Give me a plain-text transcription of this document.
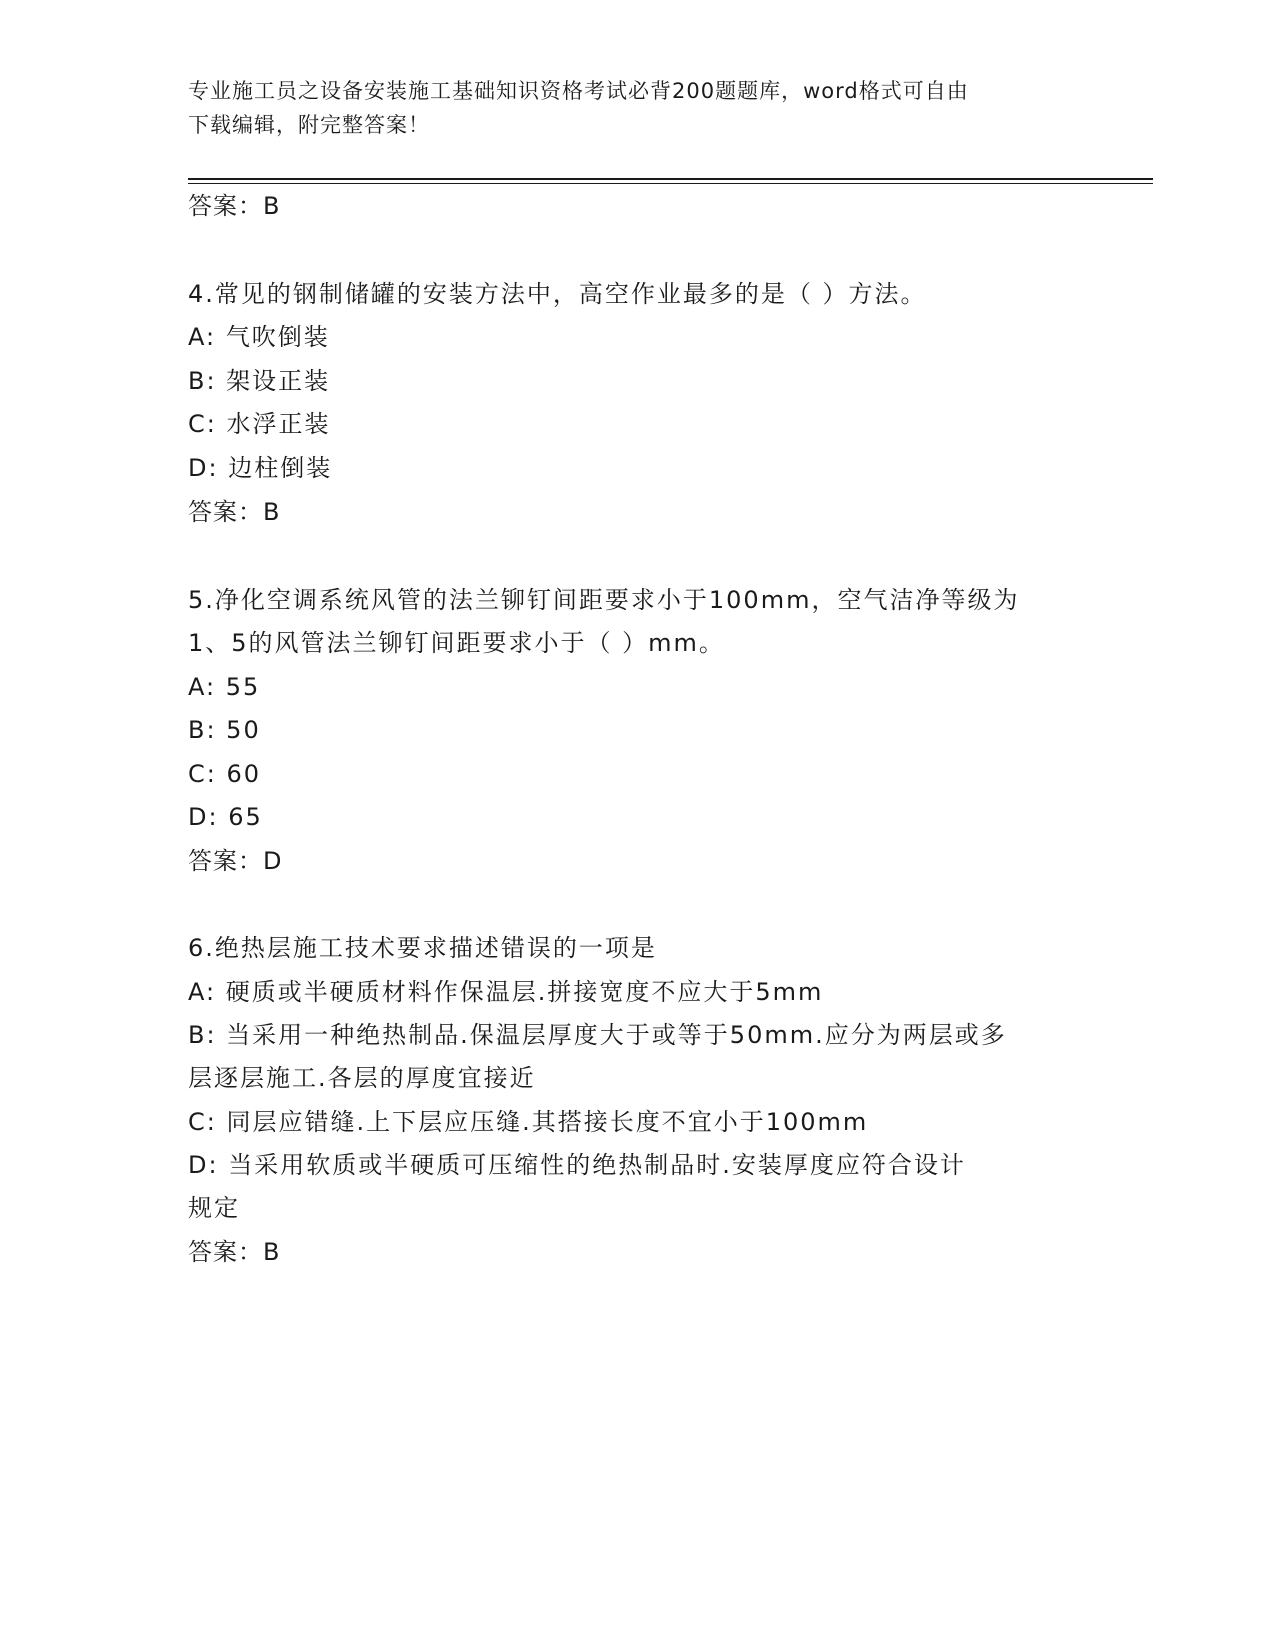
专业施工员之设备安装施工基础知识资格考试必背200题题库，word格式可自由
下载编辑，附完整答案！
答案：B
4.常见的钢制储罐的安装方法中，高空作业最多的是（ ）方法。
A: 气吹倒装
B: 架设正装
C: 水浮正装
D: 边柱倒装
答案：B
5.净化空调系统风管的法兰铆钉间距要求小于100mm，空气洁净等级为
1、5的风管法兰铆钉间距要求小于（ ）mm。
A: 55
B: 50
C: 60
D: 65
答案：D
6.绝热层施工技术要求描述错误的一项是
A: 硬质或半硬质材料作保温层.拼接宽度不应大于5mm
B: 当采用一种绝热制品.保温层厚度大于或等于50mm.应分为两层或多
层逐层施工.各层的厚度宜接近
C: 同层应错缝.上下层应压缝.其搭接长度不宜小于100mm
D: 当采用软质或半硬质可压缩性的绝热制品时.安装厚度应符合设计
规定
答案：B
